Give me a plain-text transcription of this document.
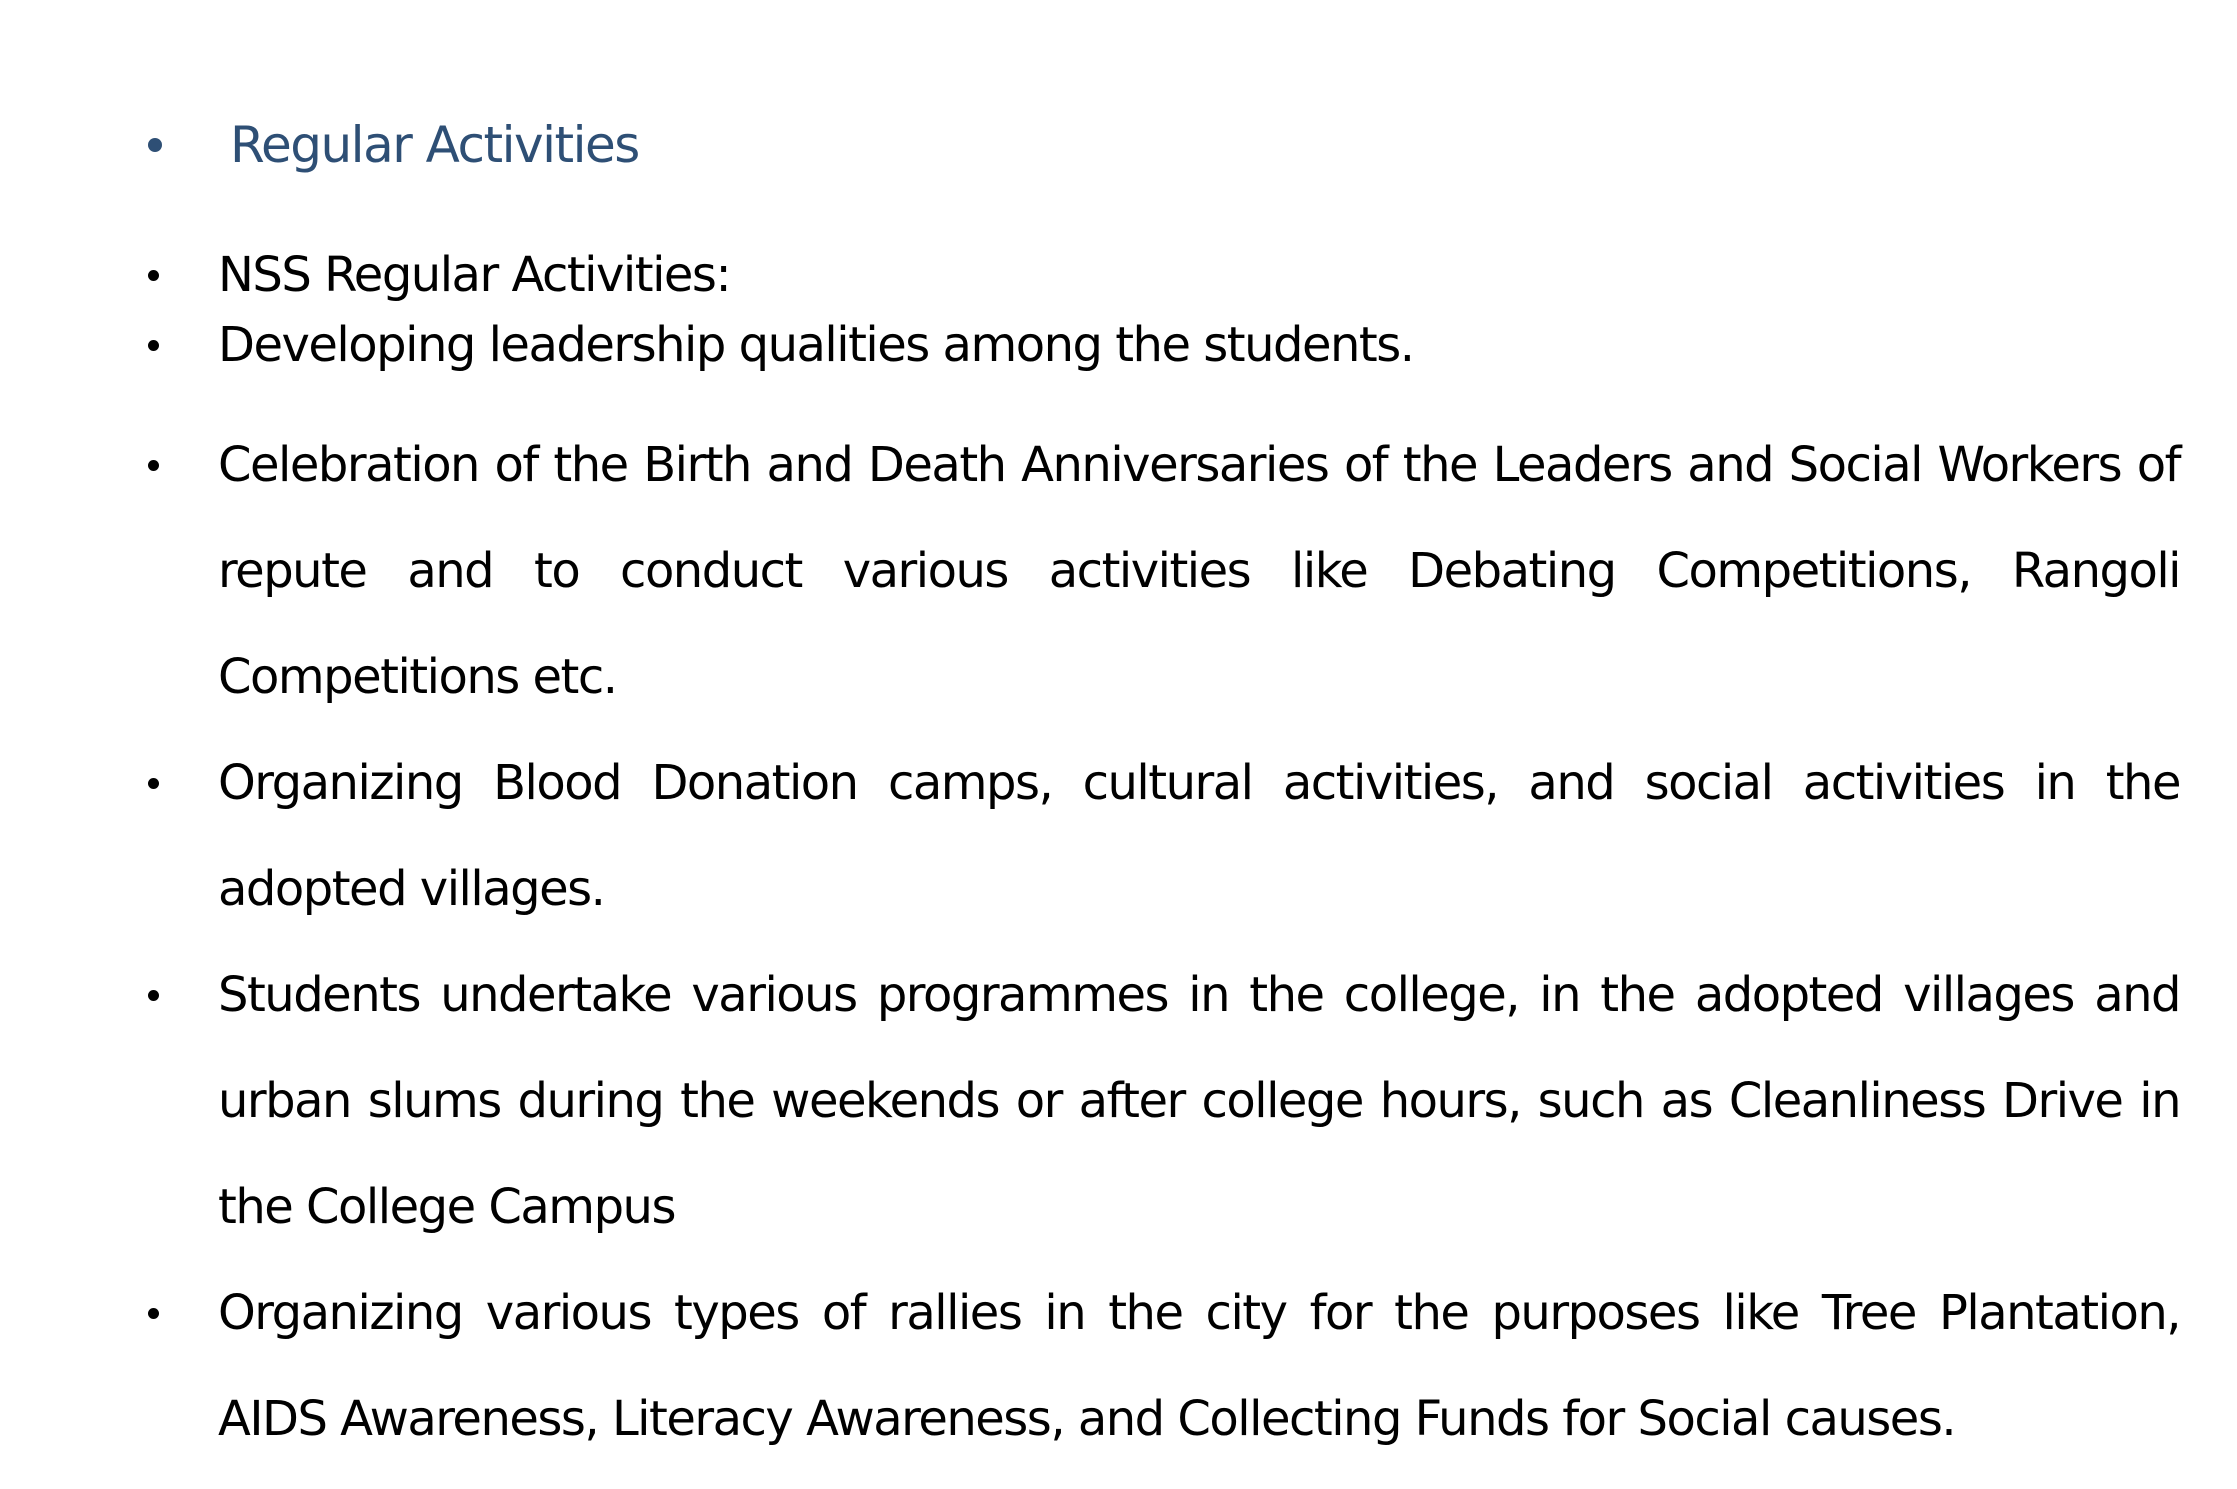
Regular Activities
NSS Regular Activities:
Developing leadership qualities among the students.
Celebration of the Birth and Death Anniversaries of the Leaders and Social Workers of repute and to conduct various activities like Debating Competitions, Rangoli Competitions etc.
Organizing Blood Donation camps, cultural activities, and social activities in the adopted villages.
Students undertake various programmes in the college, in the adopted villages and urban slums during the weekends or after college hours, such as Cleanliness Drive in the College Campus
Organizing various types of rallies in the city for the purposes like Tree Plantation, AIDS Awareness, Literacy Awareness, and Collecting Funds for Social causes.
